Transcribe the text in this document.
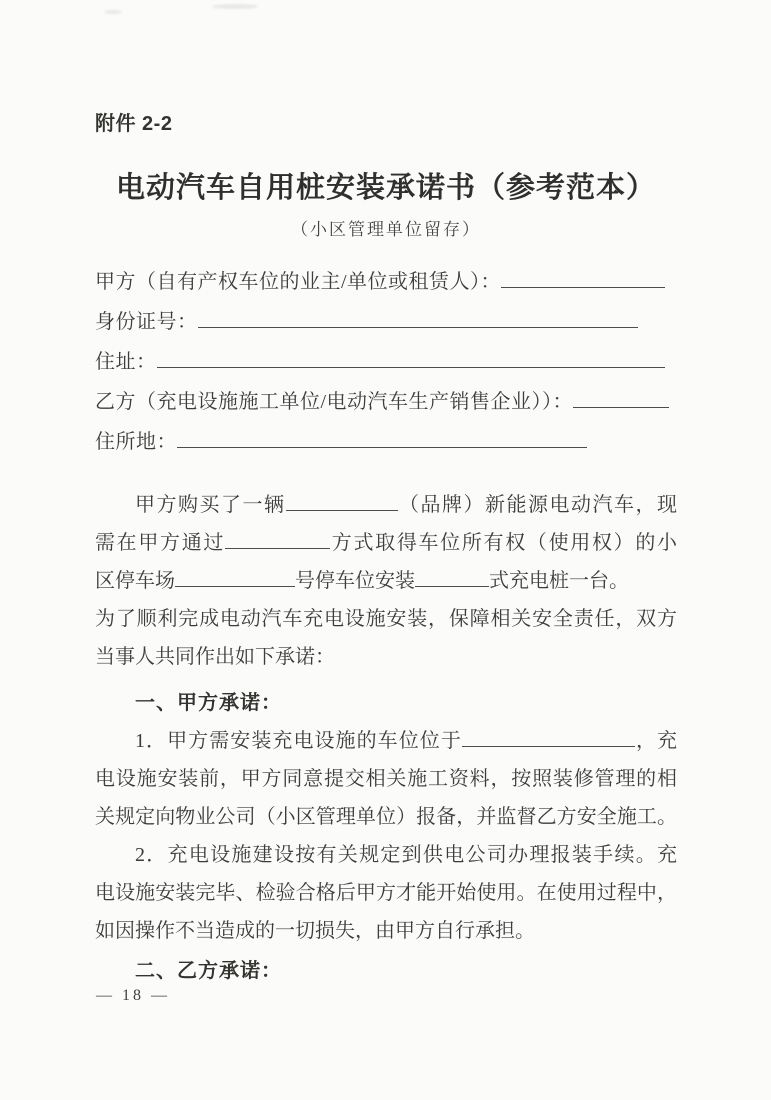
附件 2-2
电动汽车自用桩安装承诺书（参考范本）
（小区管理单位留存）
甲方（自有产权车位的业主/单位或租赁人）：
身份证号：
住址：
乙方（充电设施施工单位/电动汽车生产销售企业））：
住所地：
甲方购买了一辆	（品牌）新能源电动汽车，现
需在甲方通过	方式取得车位所有权（使用权）的小
区停车场	号停车位安装	式充电桩一台。
为了顺利完成电动汽车充电设施安装，保障相关安全责任，双方
当事人共同作出如下承诺：
一、甲方承诺：
1．甲方需安装充电设施的车位位于	，充
电设施安装前，甲方同意提交相关施工资料，按照装修管理的相
关规定向物业公司（小区管理单位）报备，并监督乙方安全施工。
2．充电设施建设按有关规定到供电公司办理报装手续。充
电设施安装完毕、检验合格后甲方才能开始使用。在使用过程中，
如因操作不当造成的一切损失，由甲方自行承担。
二、乙方承诺：
— 18 —
